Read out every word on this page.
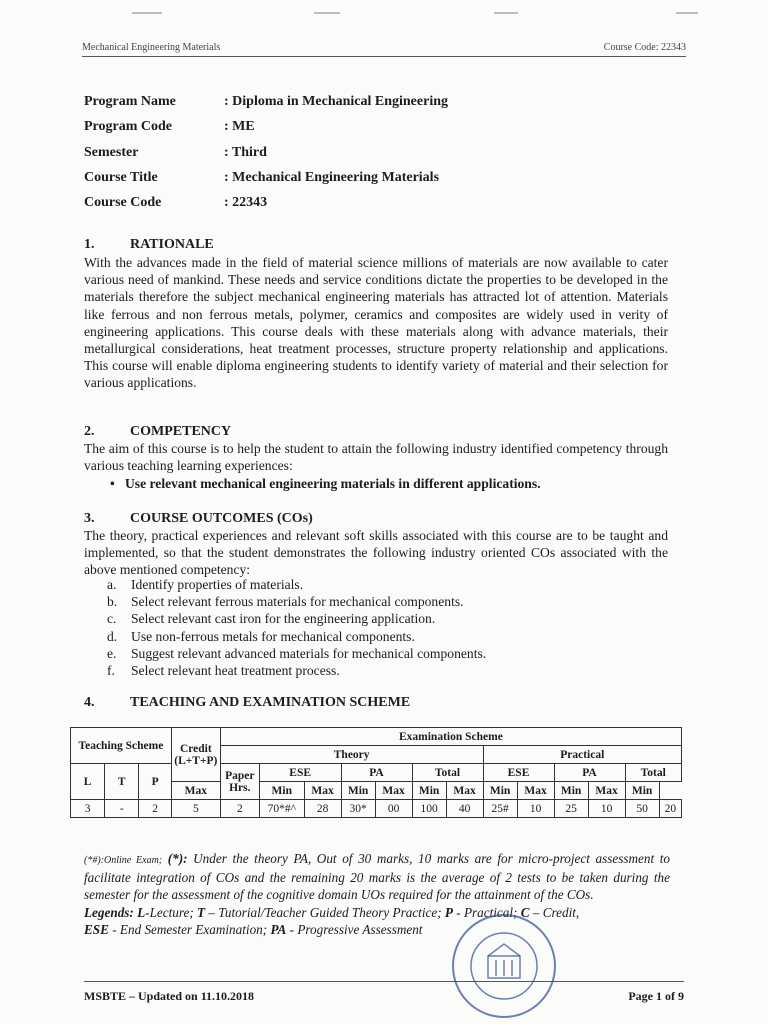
Mechanical Engineering Materials	Course Code: 22343
Program Name	: Diploma in Mechanical Engineering
Program Code	: ME
Semester	: Third
Course Title	: Mechanical Engineering Materials
Course Code	: 22343
1.	RATIONALE
With the advances made in the field of material science millions of materials are now available to cater various need of mankind. These needs and service conditions dictate the properties to be developed in the materials therefore the subject mechanical engineering materials has attracted lot of attention. Materials like ferrous and non ferrous metals, polymer, ceramics and composites are widely used in verity of engineering applications. This course deals with these materials along with advance materials, their metallurgical considerations, heat treatment processes, structure property relationship and applications. This course will enable diploma engineering students to identify variety of material and their selection for various applications.
2.	COMPETENCY
The aim of this course is to help the student to attain the following industry identified competency through various teaching learning experiences:
•   Use relevant mechanical engineering materials in different applications.
3.	COURSE OUTCOMES (COs)
The theory, practical experiences and relevant soft skills associated with this course are to be taught and implemented, so that the student demonstrates the following industry oriented COs associated with the above mentioned competency:
a.	Identify properties of materials.
b.	Select relevant ferrous materials for mechanical components.
c.	Select relevant cast iron for the engineering application.
d.	Use non-ferrous metals for mechanical components.
e.	Suggest relevant advanced materials for mechanical components.
f.	Select relevant heat treatment process.
4.	TEACHING AND EXAMINATION SCHEME
Teaching Scheme			Credit (L+T+P)	Examination Scheme												
				Theory							Practical					
L	T	P		Paper Hrs.	ESE		PA		Total		ESE		PA		Total	
			Max		Min	Max	Min	Max	Min	Max	Min	Max	Min	Max	Min	
3	-	2	5	2	70*#^	28	30*	00	100	40	25#	10	25	10	50	20
(*#):Online Exam; (*): Under the theory PA, Out of 30 marks, 10 marks are for micro-project assessment to facilitate integration of COs and the remaining 20 marks is the average of 2 tests to be taken during the semester for the assessment of the cognitive domain UOs required for the attainment of the COs.
Legends: L-Lecture; T – Tutorial/Teacher Guided Theory Practice; P - Practical; C – Credit,
ESE - End Semester Examination; PA - Progressive Assessment
MSBTE – Updated on 11.10.2018	Page 1 of 9
